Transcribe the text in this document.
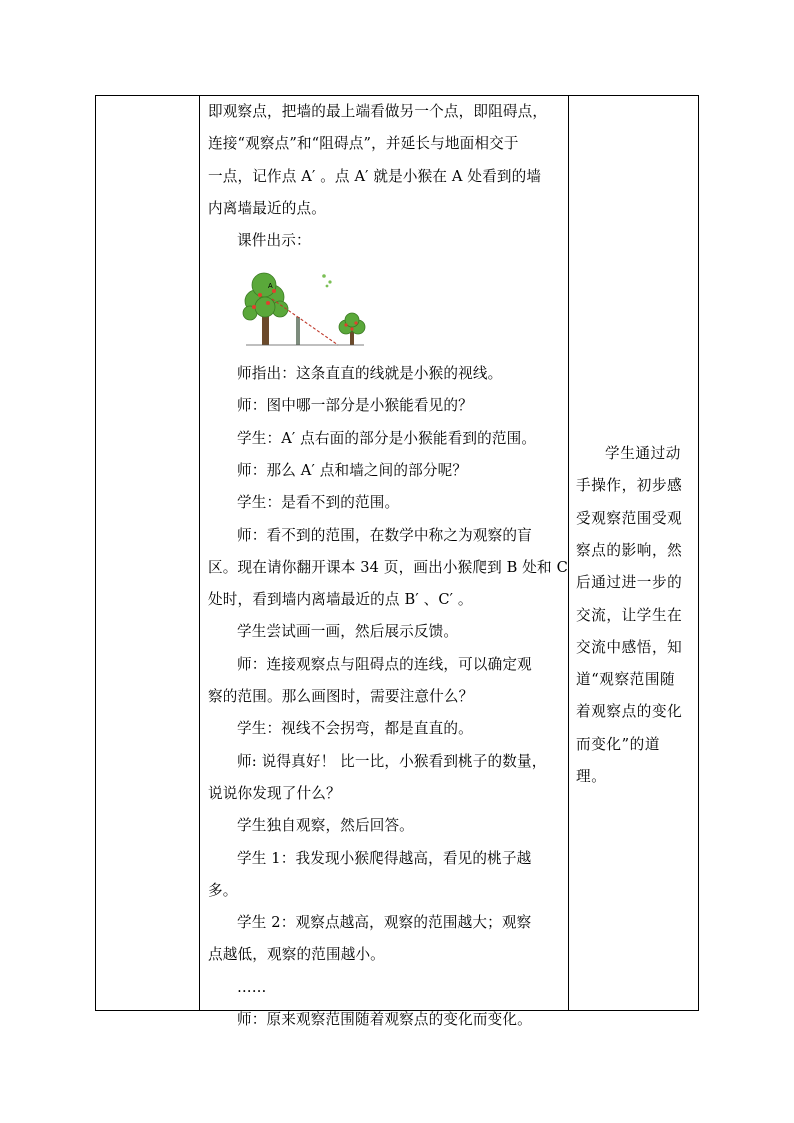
即观察点，把墙的最上端看做另一个点，即阻碍点，
连接“观察点”和“阻碍点”，并延长与地面相交于
一点，记作点 A′ 。点 A′ 就是小猴在 A 处看到的墙
内离墙最近的点。
课件出示：
A
师指出：这条直直的线就是小猴的视线。
师：图中哪一部分是小猴能看见的？
学生：A′ 点右面的部分是小猴能看到的范围。
师：那么 A′ 点和墙之间的部分呢？
学生：是看不到的范围。
师：看不到的范围，在数学中称之为观察的盲
区。现在请你翻开课本 34 页，画出小猴爬到 B 处和 C
处时，看到墙内离墙最近的点 B′ 、C′ 。
学生尝试画一画，然后展示反馈。
师：连接观察点与阻碍点的连线，可以确定观
察的范围。那么画图时，需要注意什么？
学生：视线不会拐弯，都是直直的。
师: 说得真好！ 比一比，小猴看到桃子的数量，
说说你发现了什么？
学生独自观察，然后回答。
学生 1：我发现小猴爬得越高，看见的桃子越
多。
学生 2：观察点越高，观察的范围越大；观察
点越低，观察的范围越小。
……
师：原来观察范围随着观察点的变化而变化。
学生通过动
手操作，初步感
受观察范围受观
察点的影响，然
后通过进一步的
交流，让学生在
交流中感悟，知
道“观察范围随
着观察点的变化
而变化”的道
理。
